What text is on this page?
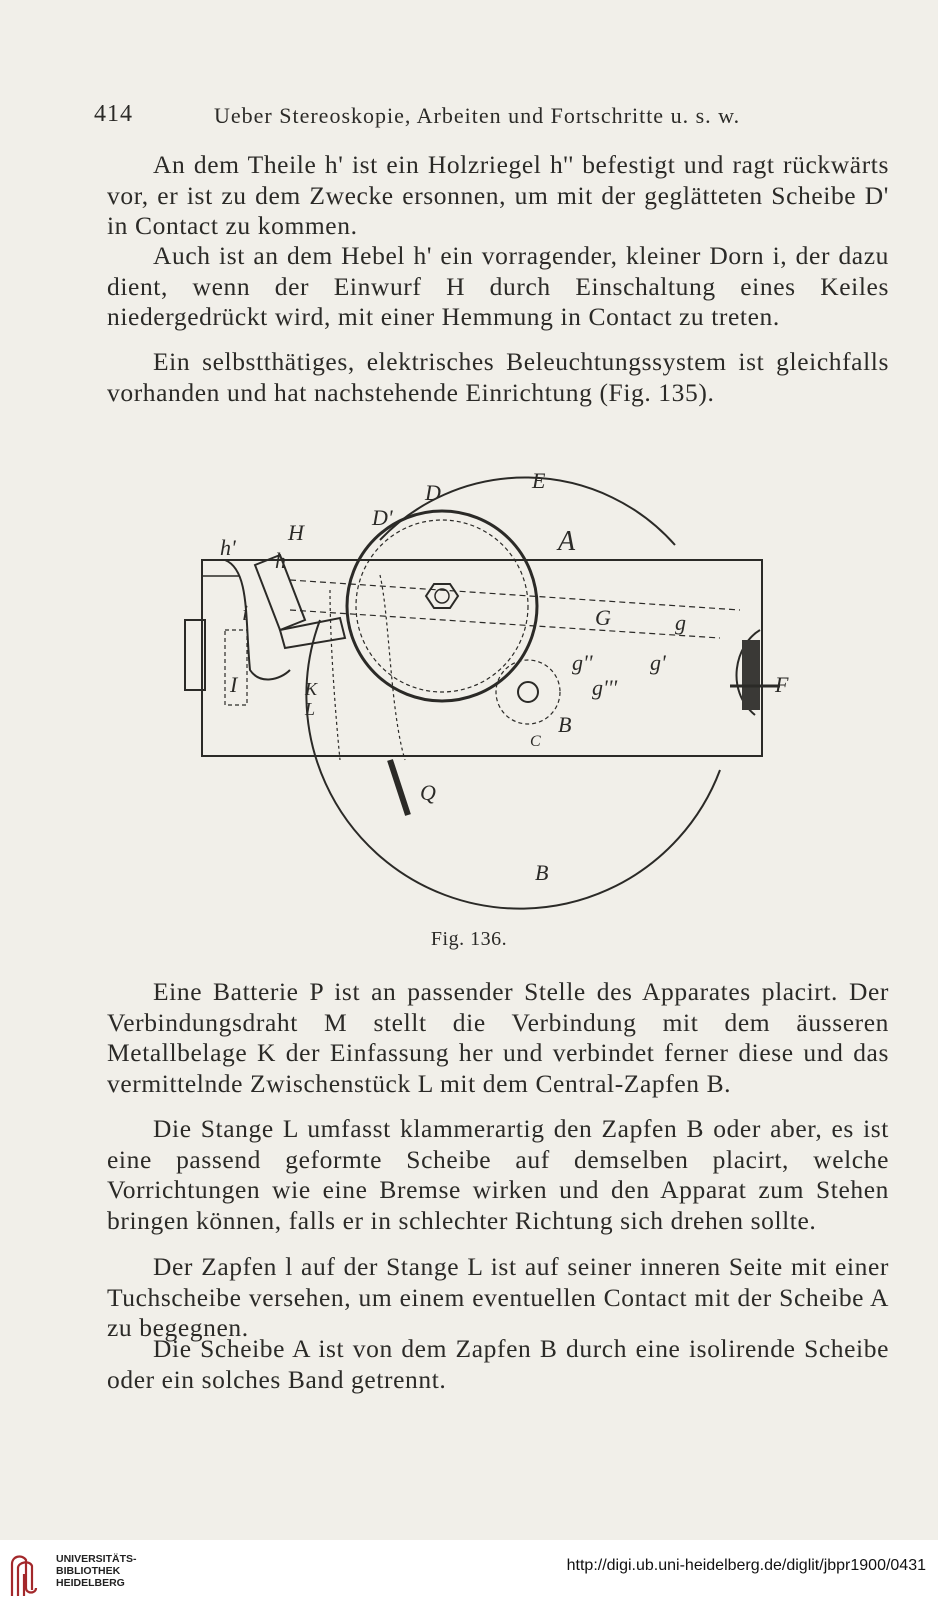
414	Ueber Stereoskopie, Arbeiten und Fortschritte u. s. w.

An dem Theile h' ist ein Holzriegel h'' befestigt und ragt rückwärts vor, er ist zu dem Zwecke ersonnen, um mit der geglätteten Scheibe D' in Contact zu kommen.

Auch ist an dem Hebel h' ein vorragender, kleiner Dorn i, der dazu dient, wenn der Einwurf H durch Einschaltung eines Keiles niedergedrückt wird, mit einer Hemmung in Contact zu treten.

Ein selbstthätiges, elektrisches Beleuchtungssystem ist gleichfalls vorhanden und hat nachstehende Einrichtung (Fig. 135).

D	E
D'
A
h'
H
h
i
I
G	g
g''	g'
g'''
B
C
K
L
F
Q
B
Fig. 136.

Eine Batterie P ist an passender Stelle des Apparates placirt. Der Verbindungsdraht M stellt die Verbindung mit dem äusseren Metallbelage K der Einfassung her und verbindet ferner diese und das vermittelnde Zwischenstück L mit dem Central-Zapfen B.

Die Stange L umfasst klammerartig den Zapfen B oder aber, es ist eine passend geformte Scheibe auf demselben placirt, welche Vorrichtungen wie eine Bremse wirken und den Apparat zum Stehen bringen können, falls er in schlechter Richtung sich drehen sollte.

Der Zapfen l auf der Stange L ist auf seiner inneren Seite mit einer Tuchscheibe versehen, um einem eventuellen Contact mit der Scheibe A zu begegnen.

Die Scheibe A ist von dem Zapfen B durch eine isolirende Scheibe oder ein solches Band getrennt.

UNIVERSITÄTS-
BIBLIOTHEK
HEIDELBERG
http://digi.ub.uni-heidelberg.de/diglit/jbpr1900/0431
